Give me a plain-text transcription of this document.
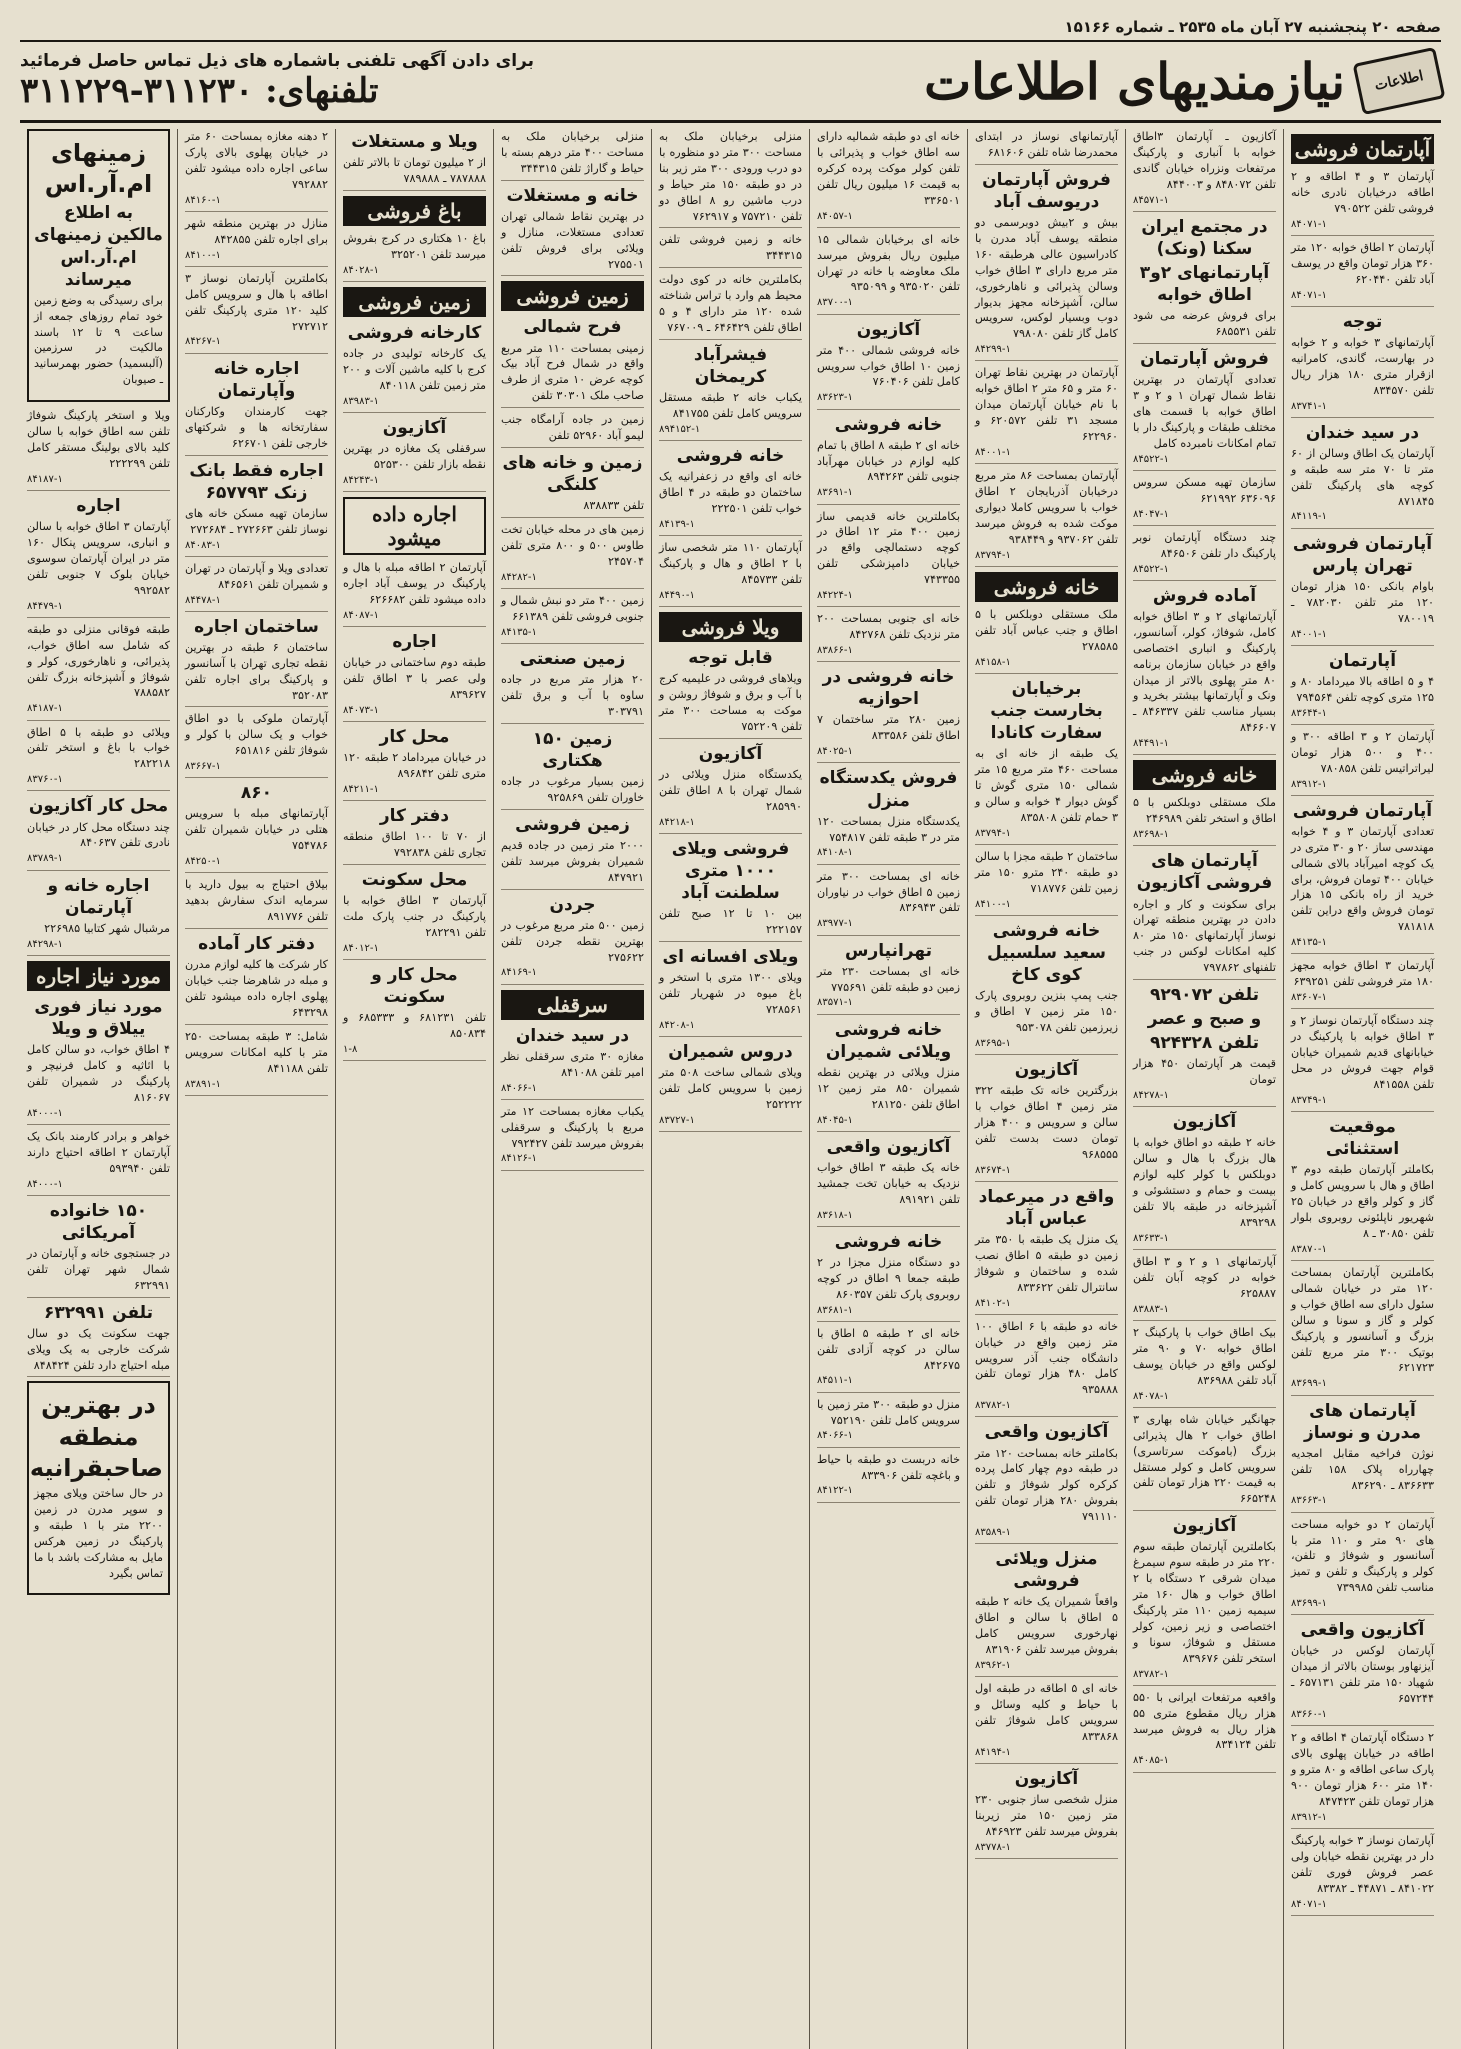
صفحه ۲۰ پنجشنبه ۲۷ آبان ماه ۲۵۳۵ ـ شماره ۱۵۱۶۶
اطلاعات
نیازمندیهای اطلاعات
برای دادن آگهی تلفنی باشماره های ذیل تماس حاصل فرمائید
تلفنهای: ۳۱۱۲۳۰-۳۱۱۲۲۹
آپارتمان فروشی
آپارتمان ۳ و ۴ اطاقه و ۲ اطاقه درخیابان نادری خانه فروشی تلفن ۷۹۰۵۲۲
۸۴۰۷۱-۱
آپارتمان ۲ اطاق خوابه ۱۲۰ متر ۳۶۰ هزار تومان واقع در یوسف آباد تلفن ۶۲۰۴۴۰
۸۴۰۷۱-۱
توجه
آپارتمانهای ۳ خوابه و ۲ خوابه در بهارست، گاندی، کامرانیه ازقرار متری ۱۸۰ هزار ریال تلفن ۸۳۴۵۷۰
۸۳۷۴۱-۱
در سید خندان
آپارتمان یک اطاق وسالن از ۶۰ متر تا ۷۰ متر سه طبقه و کوچه های پارکینگ تلفن ۸۷۱۸۴۵
۸۴۱۱۹-۱
آپارتمان فروشی تهران پارس
باوام بانکی ۱۵۰ هزار تومان ۱۲۰ متر تلفن ۷۸۲۰۳۰ ـ ۷۸۰۰۱۹
۸۴۰۰۱-۱
آپارتمان
۴ و ۵ اطاقه بالا میرداماد ۸۰ و ۱۲۵ متری کوچه تلفن ۷۹۴۵۶۴
۸۳۶۴۴-۱
آپارتمان ۲ و ۳ اطاقه ۳۰۰ و ۴۰۰ و ۵۰۰ هزار تومان لیراتراتیس تلفن ۷۸۰۸۵۸
۸۳۹۱۲-۱
آپارتمان فروشی
تعدادی آپارتمان ۳ و ۴ خوابه مهندسی ساز ۲۰ و ۳۰ متری در یک کوچه امیرآباد بالای شمالی خیابان ۴۰۰ تومان فروش، برای خرید از راه بانکی ۱۵ هزار تومان فروش واقع دراین تلفن ۷۸۱۸۱۸
۸۴۱۳۵-۱
آپارتمان ۳ اطاق خوابه مجهز ۱۸۰ متر فروشی تلفن ۶۳۹۲۵۱
۸۳۶۰۷-۱
چند دستگاه آپارتمان نوساز ۲ و ۳ اطاق خوابه با پارکینگ در خیابانهای قدیم شمیران خیابان قوام جهت فروش در محل تلفن ۸۴۱۵۵۸
۸۳۷۴۹-۱
موقعیت استثنائی
بکاملتر آپارتمان طبقه دوم ۳ اطاق و هال با سرویس کامل و گاز و کولر واقع در خیابان ۲۵ شهریور ناپلئونی روبروی بلوار تلفن ۳۰۸۵۰ ـ ۸
۸۳۸۷۰-۱
بکاملترین آپارتمان بمساحت ۱۲۰ متر در خیابان شمالی سئول دارای سه اطاق خواب و کولر و گاز و سونا و سالن بزرگ و آسانسور و پارکینگ بوتیک ۳۰۰ متر مربع تلفن ۶۲۱۷۲۳
۸۳۶۹۹-۱
آپارتمان های مدرن و نوساز
نوژن فراخیه مقابل امجدیه چهارراه پلاک ۱۵۸ تلفن ۸۳۶۶۳۳ ـ ۸۳۶۲۹۰
۸۳۶۶۳-۱
آپارتمان ۲ دو خوابه مساحت های ۹۰ متر و ۱۱۰ متر با آسانسور و شوفاژ و تلفن، کولر و پارکینگ و تلفن و تمیز مناسب تلفن ۷۳۹۹۸۵
۸۳۶۹۹-۱
آکازیون واقعی
آپارتمان لوکس در خیابان آیزنهاور بوستان بالاتر از میدان شهیاد ۱۵۰ متر تلفن ۶۵۷۱۳۱ ـ ۶۵۷۲۴۴
۸۳۶۶۰-۱
۲ دستگاه آپارتمان ۴ اطاقه و ۲ اطاقه در خیابان پهلوی بالای پارک ساعی اطاقه و ۸۰ مترو و ۱۴۰ متر ۶۰۰ هزار تومان ۹۰۰ هزار تومان تلفن ۸۴۷۴۲۳
۸۳۹۱۲-۱
آپارتمان نوساز ۳ خوابه پارکینگ دار در بهترین نقطه خیابان ولی عصر فروش فوری تلفن ۸۴۱۰۲۲ ـ ۴۴۸۷۱ ـ ۸۳۳۸۲
۸۴۰۷۱-۱
آکازیون ـ آپارتمان ۳اطاق خوابه با آنباری و پارکینگ مرتفعات ونزراه خیابان گاندی تلفن ۸۴۸۰۷۲ و ۸۴۴۰۰۳
۸۴۵۷۱-۱
در مجتمع ایران سکنا (ونک)
آپارتمانهای ۲و۳ اطاق خوابه
برای فروش عرضه می شود تلفن ۶۸۵۵۳۱
فروش آپارتمان
تعدادی آپارتمان در بهترین نقاط شمال تهران ۱ و ۲ و ۳ اطاق خوابه با قسمت های مختلف طبقات و پارکینگ دار با تمام امکانات نامبرده کامل
۸۴۵۲۲-۱
سازمان تهیه مسکن سروس ۶۳۶۰۹۶ ۶۲۱۹۹۲
۸۴۰۴۷-۱
چند دستگاه آپارتمان نوبر پارکینگ دار تلفن ۸۴۶۵۰۶
۸۴۵۲۲-۱
آماده فروش
آپارتمانهای ۲ و ۳ اطاق خوابه کامل، شوفاژ، کولر، آسانسور، پارکینگ و انباری اختصاصی واقع در خیابان سازمان برنامه ۸۰ متر پهلوی بالاتر از میدان ونک و آپارتمانها بیشتر بخرید و بسیار مناسب تلفن ۸۴۶۳۳۷ ـ ۸۴۶۶۰۷
۸۴۴۹۱-۱
خانه فروشی
ملک مستقلی دوبلکس با ۵ اطاق و استخر تلفن ۲۴۶۹۸۹
۸۳۶۹۸-۱
آپارتمان های فروشی آکازیون
برای سکونت و کار و اجاره دادن در بهترین منطقه تهران نوساز آپارتمانهای ۱۵۰ متر ۸۰ کلیه امکانات لوکس در جنب تلفنهای ۷۹۷۸۶۲
تلفن ۹۲۹۰۷۲
و صبح و عصر
تلفن ۹۲۴۳۲۸
قیمت هر آپارتمان ۴۵۰ هزار تومان
۸۴۲۷۸-۱
آکازیون
خانه ۲ طبقه دو اطاق خوابه با هال بزرگ با هال و سالن دوبلکس با کولر کلیه لوازم بیست و حمام و دستشوئی و آشپزخانه در طبقه بالا تلفن ۸۳۹۲۹۸
۸۳۶۳۳-۱
آپارتمانهای ۱ و ۲ و ۳ اطاق خوابه در کوچه آبان تلفن ۶۲۵۸۸۷
۸۳۸۸۳-۱
بیک اطاق خواب با پارکینگ ۲ اطاق خوابه ۷۰ و ۹۰ متر لوکس واقع در خیابان یوسف آباد تلفن ۸۳۶۹۸۸
۸۴۰۷۸-۱
جهانگیر خیابان شاه بهاری ۳ اطاق خواب ۲ هال پذیرائی بزرگ (باموکت سرتاسری) سرویس کامل و کولر مستقل به قیمت ۲۲۰ هزار تومان تلفن ۶۶۵۲۴۸
آکازیون
بکاملترین آپارتمان طبقه سوم ۲۲۰ متر در طبقه سوم سیمرغ میدان شرقی ۲ دستگاه با ۲ اطاق خواب و هال ۱۶۰ متر سیمیه زمین ۱۱۰ متر پارکینگ اختصاصی و زیر زمین، کولر مستقل و شوفاژ، سونا و استخر تلفن ۸۳۹۶۷۶
۸۳۷۸۲-۱
واقعیه مرتفعات ایرانی با ۵۵۰ هزار ریال مقطوع متری ۵۵ هزار ریال به فروش میرسد تلفن ۸۳۴۱۲۴
۸۴۰۸۵-۱
آپارتمانهای نوساز در ابتدای محمدرضا شاه تلفن ۶۸۱۶۰۶
فروش آپارتمان دریوسف آباد
بیش و ۲بیش دوبرسمی دو منطقه یوسف آباد مدرن با کادراسیون عالی هرطبقه ۱۶۰ متر مربع دارای ۳ اطاق خواب وسالن پذیرائی و ناهارخوری، سالن، آشپزخانه مجهز بدیوار دوب وبسیار لوکس، سرویس کامل گاز تلفن ۷۹۸۰۸۰
۸۴۲۹۹-۱
آپارتمان در بهترین نقاط تهران ۶۰ متر و ۶۵ متر ۲ اطاق خوابه با نام خیابان آپارتمان میدان مسجد ۳۱ تلفن ۶۲۰۵۷۲ و ۶۲۲۹۶۰
۸۴۰۰۱-۱
آپارتمان بمساحت ۸۶ متر مربع درخیابان آذربایجان ۲ اطاق خواب با سرویس کاملا دیواری موکت شده به فروش میرسد تلفن ۹۳۷۰۶۲ و ۹۳۸۴۴۹
۸۳۷۹۴-۱
خانه فروشی
ملک مستقلی دوبلکس با ۵ اطاق و جنب عباس آباد تلفن ۲۷۸۵۸۵
۸۴۱۵۸-۱
برخیابان بخارست جنب سفارت کانادا
یک طبقه از خانه ای به مساحت ۴۶۰ متر مربع ۱۵ متر شمالی ۱۵۰ متری گوش تا گوش دیوار ۴ خوابه و سالن و ۳ حمام تلفن ۸۳۵۸۰۸
۸۳۷۹۴-۱
ساختمان ۲ طبقه مجزا با سالن دو طبقه ۲۴۰ مترو ۱۵۰ متر زمین تلفن ۷۱۸۷۷۶
۸۴۱۰۰-۱
خانه فروشی سعید سلسبیل کوی کاخ
جنب پمپ بنزین روبروی پارک ۱۵۰ متر زمین ۷ اطاق و زیرزمین تلفن ۹۵۳۰۷۸
۸۳۶۹۵-۱
آکازیون
بزرگترین خانه تک طبقه ۳۲۲ متر زمین ۴ اطاق خواب با سالن و سرویس و ۴۰۰ هزار تومان دست بدست تلفن ۹۶۸۵۵۵
۸۳۶۷۴-۱
واقع در میرعماد عباس آباد
یک منزل یک طبقه با ۳۵۰ متر زمین دو طبقه ۵ اطاق نصب شده و ساختمان و شوفاژ سانترال تلفن ۸۳۳۶۲۲
۸۴۱۰۲-۱
خانه دو طبقه با ۶ اطاق ۱۰۰ متر زمین واقع در خیابان دانشگاه جنب آذر سرویس کامل ۴۸۰ هزار تومان تلفن ۹۳۵۸۸۸
۸۳۷۸۲-۱
آکازیون واقعی
بکاملتر خانه بمساحت ۱۲۰ متر در طبقه دوم چهار کامل پرده کرکره کولر شوفاژ و تلفن بفروش ۲۸۰ هزار تومان تلفن ۷۹۱۱۱۰
۸۳۵۸۹-۱
منزل ویلائی فروشی
واقعاً شمیران یک خانه ۲ طبقه ۵ اطاق با سالن و اطاق نهارخوری سرویس کامل بفروش میرسد تلفن ۸۳۱۹۰۶
۸۳۹۶۲-۱
خانه ای ۵ اطاقه در طبقه اول با حیاط و کلیه وسائل و سرویس کامل شوفاژ تلفن ۸۳۳۸۶۸
۸۴۱۹۴-۱
آکازیون
منزل شخصی ساز جنوبی ۲۳۰ متر زمین ۱۵۰ متر زیربنا بفروش میرسد تلفن ۸۴۶۹۲۳
۸۳۷۷۸-۱
خانه ای دو طبقه شمالیه دارای سه اطاق خواب و پذیرائی با تلفن کولر موکت پرده کرکره به قیمت ۱۶ میلیون ریال تلفن ۳۳۶۵۰۱
۸۴۰۵۷-۱
خانه ای برخیابان شمالی ۱۵ میلیون ریال بفروش میرسد ملک معاوضه با خانه در تهران تلفن ۹۳۵۰۲۰ و ۹۳۵۰۹۹
۸۳۷۰۰-۱
آکازیون
خانه فروشی شمالی ۴۰۰ متر زمین ۱۰ اطاق خواب سرویس کامل تلفن ۷۶۰۴۰۶
۸۳۶۲۳-۱
خانه فروشی
خانه ای ۲ طبقه ۸ اطاق با تمام کلیه لوازم در خیابان مهرآباد جنوبی تلفن ۸۹۴۲۶۳
۸۳۶۹۱-۱
بکاملترین خانه قدیمی ساز زمین ۴۰۰ متر ۱۲ اطاق در کوچه دستمالچی واقع در خیابان دامپزشکی تلفن ۷۴۳۳۵۵
۸۴۲۲۴-۱
خانه ای جنوبی بمساحت ۲۰۰ متر نزدیک تلفن ۸۴۲۷۶۸
۸۳۸۶۶-۱
خانه فروشی در احوازیه
زمین ۲۸۰ متر ساختمان ۷ اطاق تلفن ۸۳۳۵۸۶
۸۴۰۲۵-۱
فروش یکدستگاه منزل
یکدستگاه منزل بمساحت ۱۲۰ متر در ۳ طبقه تلفن ۷۵۴۸۱۷
۸۴۱۰۸-۱
خانه ای بمساحت ۳۰۰ متر زمین ۵ اطاق خواب در نیاوران تلفن ۸۳۶۹۴۳
۸۳۹۷۷-۱
تهرانپارس
خانه ای بمساحت ۲۳۰ متر زمین دو طبقه تلفن ۷۷۵۶۹۱
۸۳۵۷۱-۱
خانه فروشی ویلائی شمیران
منزل ویلائی در بهترین نقطه شمیران ۸۵۰ متر زمین ۱۲ اطاق تلفن ۲۸۱۲۵۰
۸۴۰۴۵-۱
آکازیون واقعی
خانه یک طبقه ۳ اطاق خواب نزدیک به خیابان تخت جمشید تلفن ۸۹۱۹۲۱
۸۳۶۱۸-۱
خانه فروشی
دو دستگاه منزل مجزا در ۲ طبقه جمعا ۹ اطاق در کوچه روبروی پارک تلفن ۸۶۰۳۵۷
۸۳۶۸۱-۱
خانه ای ۲ طبقه ۵ اطاق با سالن در کوچه آزادی تلفن ۸۴۲۶۷۵
۸۴۵۱۱-۱
منزل دو طبقه ۳۰۰ متر زمین با سرویس کامل تلفن ۷۵۲۱۹۰
۸۴۰۶۶-۱
خانه دربست دو طبقه با حیاط و باغچه تلفن ۸۳۳۹۰۶
۸۴۱۲۲-۱
منزلی برخیابان ملک به مساحت ۳۰۰ متر دو منظوره با دو درب ورودی ۳۰۰ متر زیر بنا در دو طبقه ۱۵۰ متر حیاط و درب ماشین رو ۸ اطاق دو تلفن ۷۵۷۲۱۰ و ۷۶۲۹۱۷
خانه و زمین فروشی تلفن ۳۴۴۳۱۵
بکاملترین خانه در کوی دولت محیط هم وارد با تراس شناخته شده ۱۲۰ متر دارای ۴ و ۵ اطاق تلفن ۶۴۶۴۲۹ ـ ۷۶۷۰۰۹
فیشرآباد کریمخان
یکباب خانه ۲ طبقه مستقل سرویس کامل تلفن ۸۴۱۷۵۵
۸۹۴۱۵۲-۱
خانه فروشی
خانه ای واقع در زعفرانیه یک ساختمان دو طبقه در ۴ اطاق خواب تلفن ۲۲۲۵۰۱
۸۴۱۳۹-۱
آپارتمان ۱۱۰ متر شخصی ساز با ۲ اطاق و هال و پارکینگ تلفن ۸۴۵۷۳۳
۸۴۴۹۰-۱
ویلا فروشی
قابل توجه
ویلاهای فروشی در علیمیه کرج با آب و برق و شوفاژ روشن و موکت به مساحت ۳۰۰ متر تلفن ۷۵۲۲۰۹
آکازیون
یکدستگاه منزل ویلائی در شمال تهران با ۸ اطاق تلفن ۲۸۵۹۹۰
۸۴۲۱۸-۱
فروشی ویلای ۱۰۰۰ متری سلطنت آباد
بین ۱۰ تا ۱۲ صبح تلفن ۲۲۲۱۵۷
ویلای افسانه ای
ویلای ۱۳۰۰ متری با استخر و باغ میوه در شهریار تلفن ۷۲۸۵۶۱
۸۴۲۰۸-۱
دروس شمیران
ویلای شمالی ساخت ۵۰۸ متر زمین با سرویس کامل تلفن ۲۵۲۲۲۲
۸۳۷۲۷-۱
منزلی برخیابان ملک به مساحت ۴۰۰ متر درهم بسته با حیاط و گاراژ تلفن ۳۴۴۳۱۵
خانه و مستغلات
در بهترین نقاط شمالی تهران تعدادی مستغلات، منازل و ویلائی برای فروش تلفن ۲۷۵۵۰۱
زمین فروشی
فرح شمالی
زمینی بمساحت ۱۱۰ متر مربع واقع در شمال فرح آباد بیک کوچه عرض ۱۰ متری از طرف صاحب ملک ۳۰۳۰۱ تلفن
زمین در جاده آرامگاه جنب لیمو آباد ۵۲۹۶۰ تلفن
زمین و خانه های کلنگی
تلفن ۸۳۸۸۳۳
زمین های در محله خیابان تخت طاوس ۵۰۰ و ۸۰۰ متری تلفن ۲۴۵۷۰۴
۸۴۲۸۲-۱
زمین ۴۰۰ متر دو نبش شمال و جنوبی فروشی تلفن ۶۶۱۳۸۹
۸۴۱۳۵-۱
زمین صنعتی
۲۰ هزار متر مربع در جاده ساوه با آب و برق تلفن ۳۰۳۷۹۱
زمین ۱۵۰ هکتاری
زمین بسیار مرغوب در جاده خاوران تلفن ۹۲۵۸۶۹
زمین فروشی
۲۰۰۰ متر زمین در جاده قدیم شمیران بفروش میرسد تلفن ۸۴۷۹۲۱
جردن
زمین ۵۰۰ متر مربع مرغوب در بهترین نقطه جردن تلفن ۲۷۵۶۲۲
۸۴۱۶۹-۱
سرقفلی
در سید خندان
مغازه ۳۰ متری سرقفلی نظر امیر تلفن ۸۴۱۰۸۸
۸۴۰۶۶-۱
یکباب مغازه بمساحت ۱۲ متر مربع با پارکینگ و سرقفلی بفروش میرسد تلفن ۷۹۲۴۲۷
۸۴۱۲۶-۱
ویلا و مستغلات
از ۲ میلیون تومان تا بالاتر تلفن ۷۸۷۸۸۸ ـ ۷۸۹۸۸۸
باغ فروشی
باغ ۱۰ هکتاری در کرج بفروش میرسد تلفن ۳۲۵۲۰۱
۸۴۰۲۸-۱
زمین فروشی
کارخانه فروشی
یک کارخانه تولیدی در جاده کرج با کلیه ماشین آلات و ۲۰۰ متر زمین تلفن ۸۴۰۱۱۸
۸۳۹۸۳-۱
آکازیون
سرقفلی یک مغازه در بهترین نقطه بازار تلفن ۵۲۵۳۰۰
۸۴۲۴۳-۱
اجاره داده میشود
آپارتمان ۲ اطاقه مبله با هال و پارکینگ در یوسف آباد اجاره داده میشود تلفن ۶۲۶۶۸۲
۸۴۰۸۷-۱
اجاره
طبقه دوم ساختمانی در خیابان ولی عصر با ۳ اطاق تلفن ۸۳۹۶۲۷
۸۴۰۷۳-۱
محل کار
در خیابان میرداماد ۲ طبقه ۱۲۰ متری تلفن ۸۹۶۸۴۲
۸۴۲۱۱-۱
دفتر کار
از ۷۰ تا ۱۰۰ اطاق منطقه تجاری تلفن ۷۹۲۸۳۸
محل سکونت
آپارتمان ۳ اطاق خوابه با پارکینگ در جنب پارک ملت تلفن ۲۸۲۲۹۱
۸۴۰۱۲-۱
محل کار و سکونت
تلفن ۶۸۱۲۳۱ و ۶۸۵۳۳۳ و ۸۵۰۸۳۴
۱-۸
۲ دهنه مغازه بمساحت ۶۰ متر در خیابان پهلوی بالای پارک ساعی اجاره داده میشود تلفن ۷۹۲۸۸۲
۸۴۱۶۰-۱
منازل در بهترین منطقه شهر برای اجاره تلفن ۸۴۲۸۵۵
۸۴۱۰۰-۱
بکاملترین آپارتمان نوساز ۳ اطاقه با هال و سرویس کامل کلید ۱۲۰ متری پارکینگ تلفن ۲۷۲۷۱۲
۸۴۲۶۷-۱
اجاره خانه وآپارتمان
جهت کارمندان وکارکنان سفارتخانه ها و شرکتهای خارجی تلفن ۶۲۶۷۰۱
اجاره فقط بانک زنک ۶۵۷۷۹۳
سازمان تهیه مسکن خانه های نوساز تلفن ۲۷۲۶۶۳ ـ ۲۷۲۶۸۴
۸۴۰۸۳-۱
تعدادی ویلا و آپارتمان در تهران و شمیران تلفن ۸۴۶۵۶۱
۸۴۴۷۸-۱
ساختمان اجاره
ساختمان ۶ طبقه در بهترین نقطه تجاری تهران با آسانسور و پارکینگ برای اجاره تلفن ۳۵۲۰۸۳
آپارتمان ملوکی با دو اطاق خواب و یک سالن با کولر و شوفاژ تلفن ۶۵۱۸۱۶
۸۳۶۶۷-۱
۸۶۰
آپارتمانهای مبله با سرویس هتلی در خیابان شمیران تلفن ۷۵۴۷۸۶
۸۴۲۵۰-۱
بیلاق احتیاج به بیول دارید با سرمایه اندک سفارش بدهید تلفن ۸۹۱۷۷۶
دفتر کار آماده
کار شرکت ها کلیه لوازم مدرن و مبله در شاهرضا جنب خیابان پهلوی اجاره داده میشود تلفن ۶۴۳۲۹۸
شامل: ۳ طبقه بمساحت ۲۵۰ متر با کلیه امکانات سرویس تلفن ۸۴۱۱۸۸
۸۳۸۹۱-۱
زمینهای ام.آر.اس
به اطلاع مالکین زمینهای ام.آر.اس میرساند
برای رسیدگی به وضع زمین خود تمام روزهای جمعه از ساعت ۹ تا ۱۲ باسند مالکیت در سرزمین (آلبسمید) حضور بهمرسانید ـ صیوبان
ویلا و استخر پارکینگ شوفاژ تلفن سه اطاق خوابه با سالن کلید بالای بولینگ مستقر کامل تلفن ۲۲۲۲۹۹
۸۴۱۸۷-۱
اجاره
آپارتمان ۳ اطاق خوابه با سالن و انباری، سرویس پنکال ۱۶۰ متر در ایران آپارتمان سوسوی خیابان بلوک ۷ جنوبی تلفن ۹۹۲۵۸۲
۸۴۴۷۹-۱
طبقه فوقانی منزلی دو طبقه که شامل سه اطاق خواب، پذیرائی، و ناهارخوری، کولر و شوفاژ و آشپزخانه بزرگ تلفن ۷۸۸۵۸۲
۸۴۱۸۷-۱
ویلائی دو طبقه با ۵ اطاق خواب با باغ و استخر تلفن ۲۸۲۲۱۸
۸۳۷۶۰-۱
محل کار آکازیون
چند دستگاه محل کار در خیابان نادری تلفن ۸۴۰۶۳۷
۸۳۷۸۹-۱
اجاره خانه و آپارتمان
مرشبال شهر کتابیا ۲۲۶۹۸۵
۸۴۲۹۸-۱
مورد نیاز اجاره
مورد نیاز فوری ییلاق و ویلا
۴ اطاق خواب، دو سالن کامل با اثاثیه و کامل فرنیچر و پارکینگ در شمیران تلفن ۸۱۶۰۶۷
۸۴۰۰۰-۱
خواهر و برادر کارمند بانک یک آپارتمان ۲ اطاقه احتیاج دارند تلفن ۵۹۳۹۴۰
۸۴۰۰۰-۱
۱۵۰ خانواده آمریکائی
در جستجوی خانه و آپارتمان در شمال شهر تهران تلفن ۶۳۲۹۹۱
تلفن ۶۳۲۹۹۱
جهت سکونت یک دو سال شرکت خارجی به یک ویلای مبله احتیاج دارد تلفن ۸۴۸۴۲۴
در بهترین منطقه صاحبقرانیه
در حال ساختن ویلای مجهز و سوپر مدرن در زمین ۲۲۰۰ متر با ۱ طبقه و پارکینگ در زمین هرکس مایل به مشارکت باشد با ما تماس بگیرد
